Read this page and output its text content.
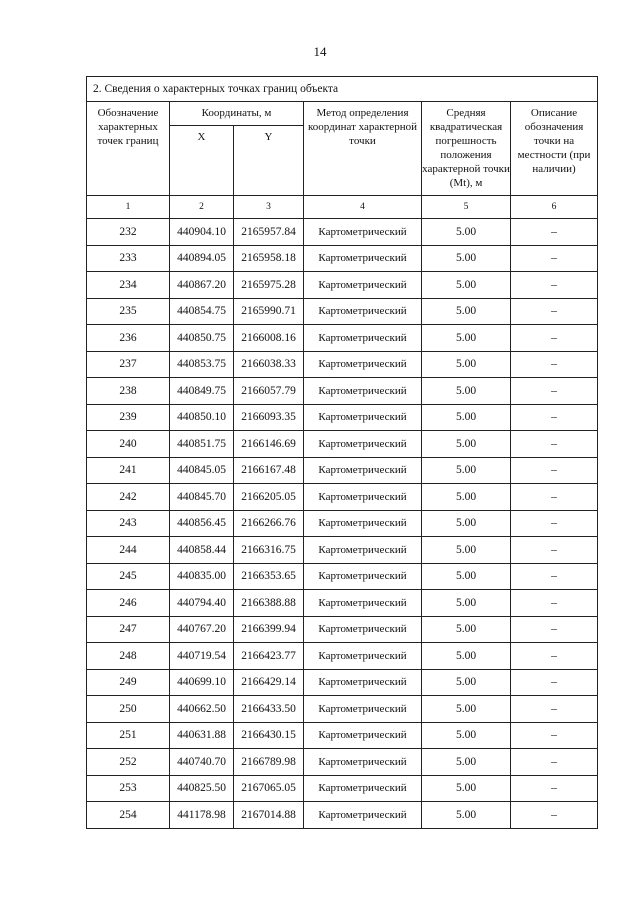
14
2. Сведения о характерных точках границ объекта					
Обозначение характерных точек границ	Координаты, м		Метод определения координат характерной точки	Средняя квадратическая погрешность положения характерной точки (Mt), м	Описание обозначения точки на местности (при наличии)
	X	Y			
1	2	3	4	5	6
232	440904.10	2165957.84	Картометрический	5.00	–
233	440894.05	2165958.18	Картометрический	5.00	–
234	440867.20	2165975.28	Картометрический	5.00	–
235	440854.75	2165990.71	Картометрический	5.00	–
236	440850.75	2166008.16	Картометрический	5.00	–
237	440853.75	2166038.33	Картометрический	5.00	–
238	440849.75	2166057.79	Картометрический	5.00	–
239	440850.10	2166093.35	Картометрический	5.00	–
240	440851.75	2166146.69	Картометрический	5.00	–
241	440845.05	2166167.48	Картометрический	5.00	–
242	440845.70	2166205.05	Картометрический	5.00	–
243	440856.45	2166266.76	Картометрический	5.00	–
244	440858.44	2166316.75	Картометрический	5.00	–
245	440835.00	2166353.65	Картометрический	5.00	–
246	440794.40	2166388.88	Картометрический	5.00	–
247	440767.20	2166399.94	Картометрический	5.00	–
248	440719.54	2166423.77	Картометрический	5.00	–
249	440699.10	2166429.14	Картометрический	5.00	–
250	440662.50	2166433.50	Картометрический	5.00	–
251	440631.88	2166430.15	Картометрический	5.00	–
252	440740.70	2166789.98	Картометрический	5.00	–
253	440825.50	2167065.05	Картометрический	5.00	–
254	441178.98	2167014.88	Картометрический	5.00	–
